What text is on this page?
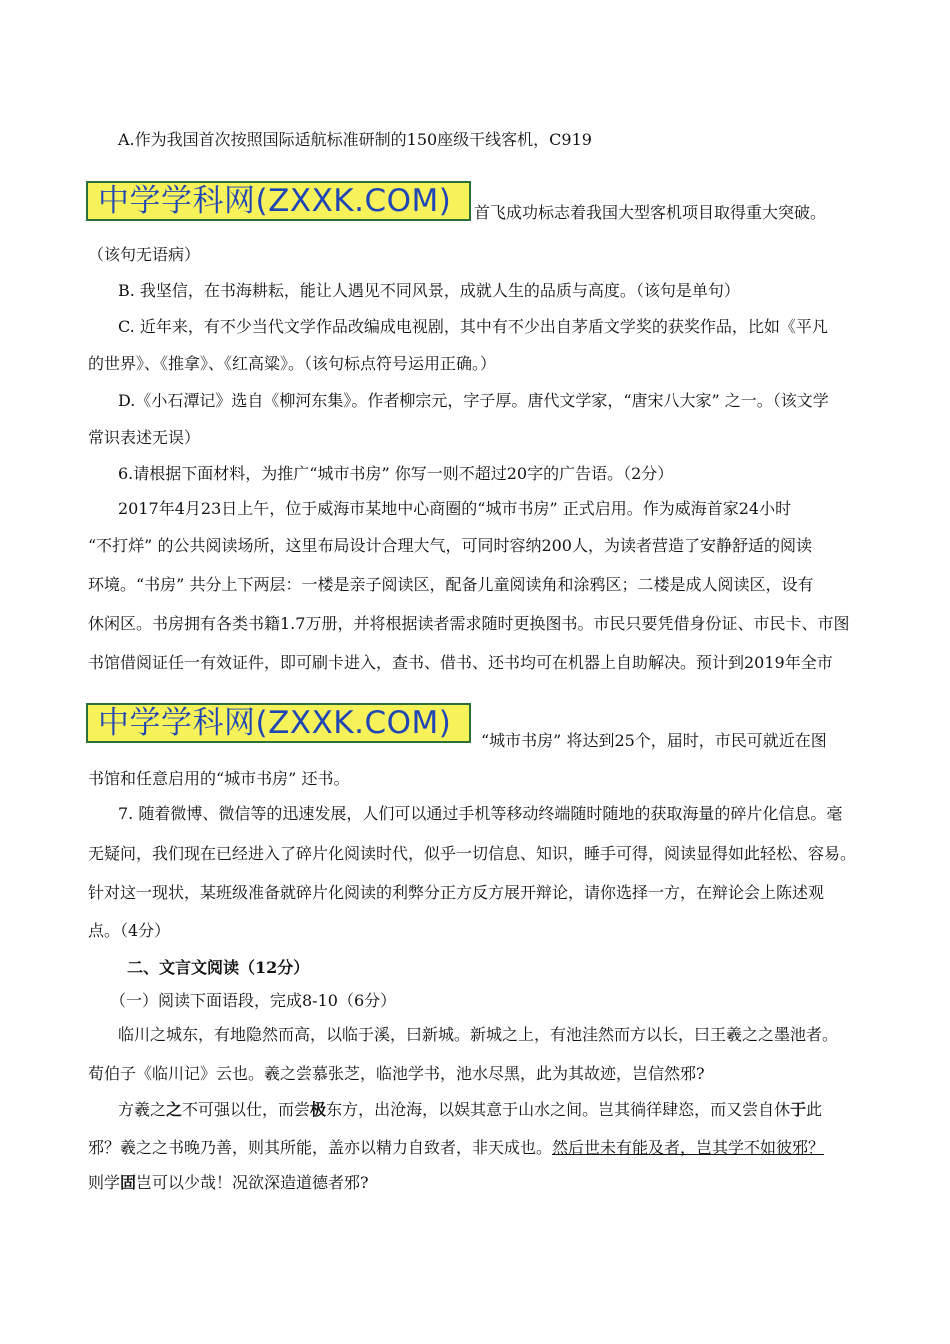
A.作为我国首次按照国际适航标准研制的150座级干线客机，C919
中学学科网(ZXXK.COM)	首飞成功标志着我国大型客机项目取得重大突破。
（该句无语病）
B. 我坚信，在书海耕耘，能让人遇见不同风景，成就人生的品质与高度。（该句是单句）
C. 近年来，有不少当代文学作品改编成电视剧，其中有不少出自茅盾文学奖的获奖作品，比如《平凡
的世界》、《推拿》、《红高粱》。（该句标点符号运用正确。）
D.《小石潭记》选自《柳河东集》。作者柳宗元，字子厚。唐代文学家，“唐宋八大家” 之一。（该文学
常识表述无误）
6.请根据下面材料，为推广“城市书房” 你写一则不超过20字的广告语。（2分）
2017年4月23日上午，位于威海市某地中心商圈的“城市书房” 正式启用。作为威海首家24小时
“不打烊” 的公共阅读场所，这里布局设计合理大气，可同时容纳200人，为读者营造了安静舒适的阅读
环境。“书房” 共分上下两层：一楼是亲子阅读区，配备儿童阅读角和涂鸦区；二楼是成人阅读区，设有
休闲区。书房拥有各类书籍1.7万册，并将根据读者需求随时更换图书。市民只要凭借身份证、市民卡、市图
书馆借阅证任一有效证件，即可刷卡进入，查书、借书、还书均可在机器上自助解决。预计到2019年全市
中学学科网(ZXXK.COM)	“城市书房” 将达到25个，届时，市民可就近在图
书馆和任意启用的“城市书房” 还书。
7. 随着微博、微信等的迅速发展，人们可以通过手机等移动终端随时随地的获取海量的碎片化信息。毫
无疑问，我们现在已经进入了碎片化阅读时代，似乎一切信息、知识，睡手可得，阅读显得如此轻松、容易。
针对这一现状，某班级准备就碎片化阅读的利弊分正方反方展开辩论，请你选择一方，在辩论会上陈述观
点。（4分）
二、文言文阅读（12分）
（一）阅读下面语段，完成8-10（6分）
临川之城东，有地隐然而高，以临于溪，曰新城。新城之上，有池洼然而方以长，曰王羲之之墨池者。
荀伯子《临川记》云也。羲之尝慕张芝，临池学书，池水尽黑，此为其故迹，岂信然邪?
方羲之之不可强以仕，而尝极东方，出沧海，以娱其意于山水之间。岂其徜徉肆恣，而又尝自休于此
邪？羲之之书晚乃善，则其所能，盖亦以精力自致者，非天成也。然后世未有能及者，岂其学不如彼邪？
则学固岂可以少哉！况欲深造道德者邪?
